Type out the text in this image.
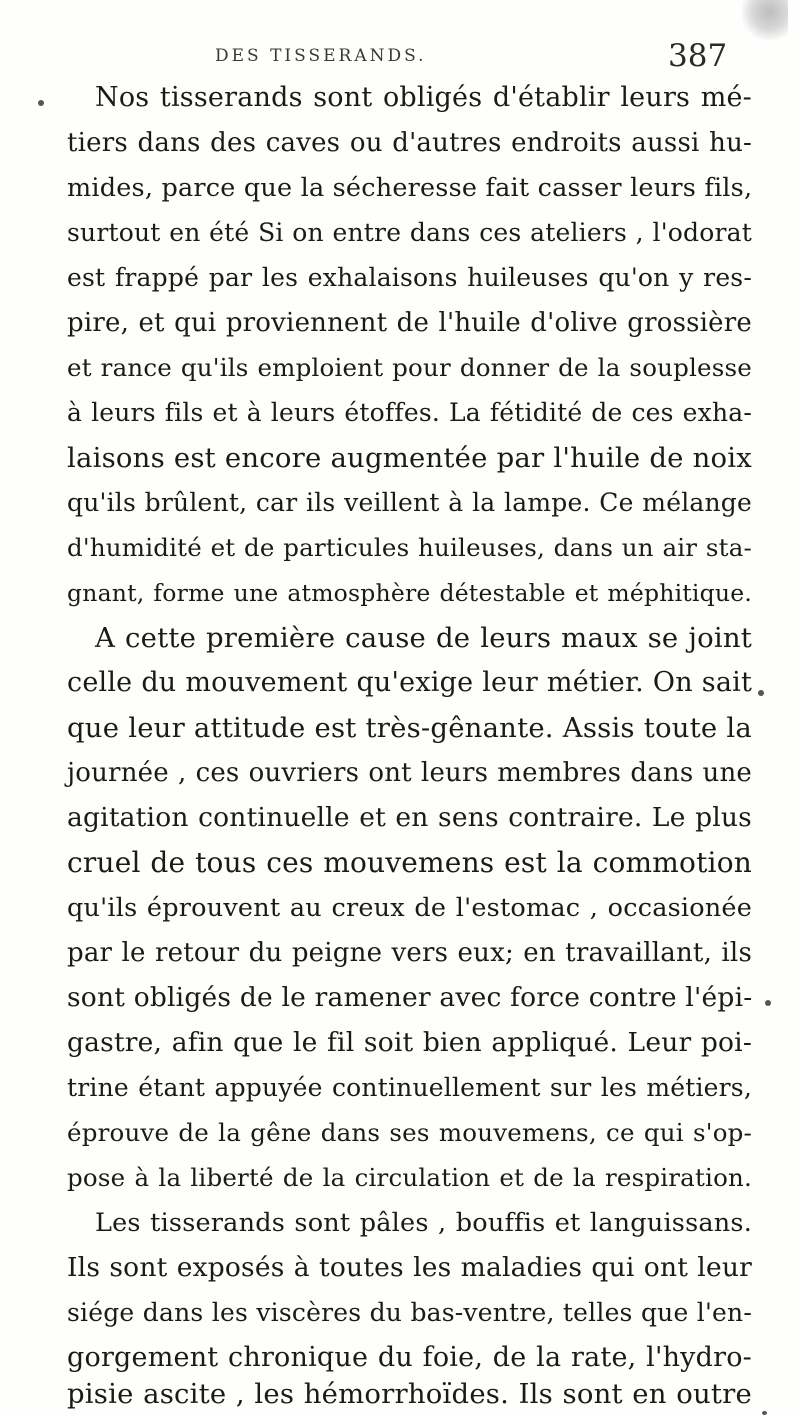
DES TISSERANDS.	387
Nos tisserands sont obligés d'établir leurs mé-
tiers dans des caves ou d'autres endroits aussi hu-
mides, parce que la sécheresse fait casser leurs fils,
surtout en été Si on entre dans ces ateliers , l'odorat
est frappé par les exhalaisons huileuses qu'on y res-
pire, et qui proviennent de l'huile d'olive grossière
et rance qu'ils emploient pour donner de la souplesse
à leurs fils et à leurs étoffes. La fétidité de ces exha-
laisons est encore augmentée par l'huile de noix
qu'ils brûlent, car ils veillent à la lampe. Ce mélange
d'humidité et de particules huileuses, dans un air sta-
gnant, forme une atmosphère détestable et méphitique.
A cette première cause de leurs maux se joint
celle du mouvement qu'exige leur métier. On sait
que leur attitude est très-gênante. Assis toute la
journée , ces ouvriers ont leurs membres dans une
agitation continuelle et en sens contraire. Le plus
cruel de tous ces mouvemens est la commotion
qu'ils éprouvent au creux de l'estomac , occasionée
par le retour du peigne vers eux; en travaillant, ils
sont obligés de le ramener avec force contre l'épi-
gastre, afin que le fil soit bien appliqué. Leur poi-
trine étant appuyée continuellement sur les métiers,
éprouve de la gêne dans ses mouvemens, ce qui s'op-
pose à la liberté de la circulation et de la respiration.
Les tisserands sont pâles , bouffis et languissans.
Ils sont exposés à toutes les maladies qui ont leur
siége dans les viscères du bas-ventre, telles que l'en-
gorgement chronique du foie, de la rate, l'hydro-
pisie ascite , les hémorrhoïdes. Ils sont en outre
